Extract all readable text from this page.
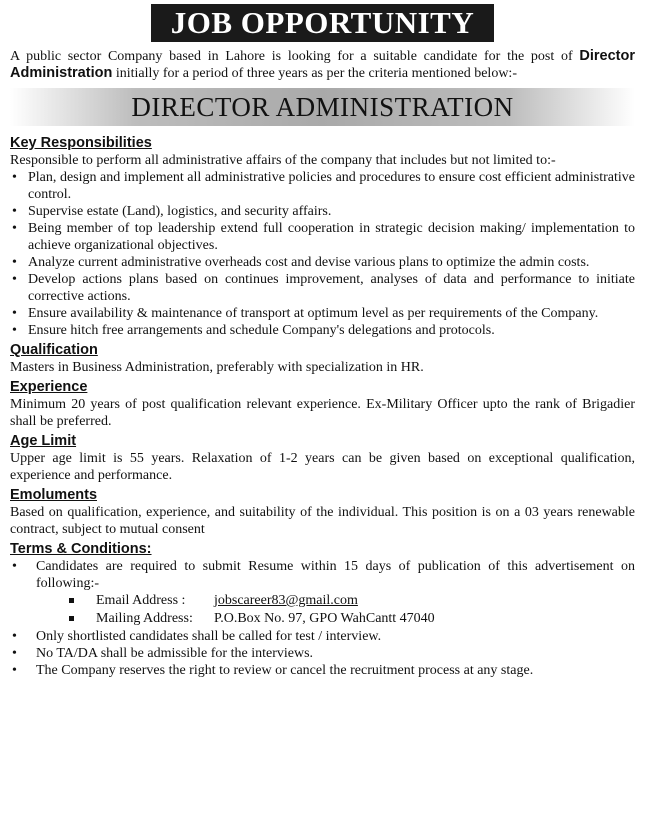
JOB OPPORTUNITY

A public sector Company based in Lahore is looking for a suitable candidate for the post of Director Administration initially for a period of three years as per the criteria mentioned below:-

DIRECTOR ADMINISTRATION
Key Responsibilities

Responsible to perform all administrative affairs of the company that includes but not limited to:-

• Plan, design and implement all administrative policies and procedures to ensure cost efficient administrative control.
• Supervise estate (Land), logistics, and security affairs.
• Being member of top leadership extend full cooperation in strategic decision making/ implementation to achieve organizational objectives.
• Analyze current administrative overheads cost and devise various plans to optimize the admin costs.
• Develop actions plans based on continues improvement, analyses of data and performance to initiate corrective actions.
• Ensure availability & maintenance of transport at optimum level as per requirements of the Company.
• Ensure hitch free arrangements and schedule Company's delegations and protocols.
Qualification

Masters in Business Administration, preferably with specialization in HR.

Experience

Minimum 20 years of post qualification relevant experience. Ex-Military Officer upto the rank of Brigadier shall be preferred.

Age Limit

Upper age limit is 55 years. Relaxation of 1-2 years can be given based on exceptional qualification, experience and performance.

Emoluments

Based on qualification, experience, and suitability of the individual. This position is on a 03 years renewable contract, subject to mutual consent

Terms & Conditions:
• Candidates are required to submit Resume within 15 days of publication of this advertisement on following:-
Email Address : jobscareer83@gmail.com
Mailing Address: P.O.Box No. 97, GPO WahCantt 47040
• Only shortlisted candidates shall be called for test / interview.
• No TA/DA shall be admissible for the interviews.
• The Company reserves the right to review or cancel the recruitment process at any stage.
